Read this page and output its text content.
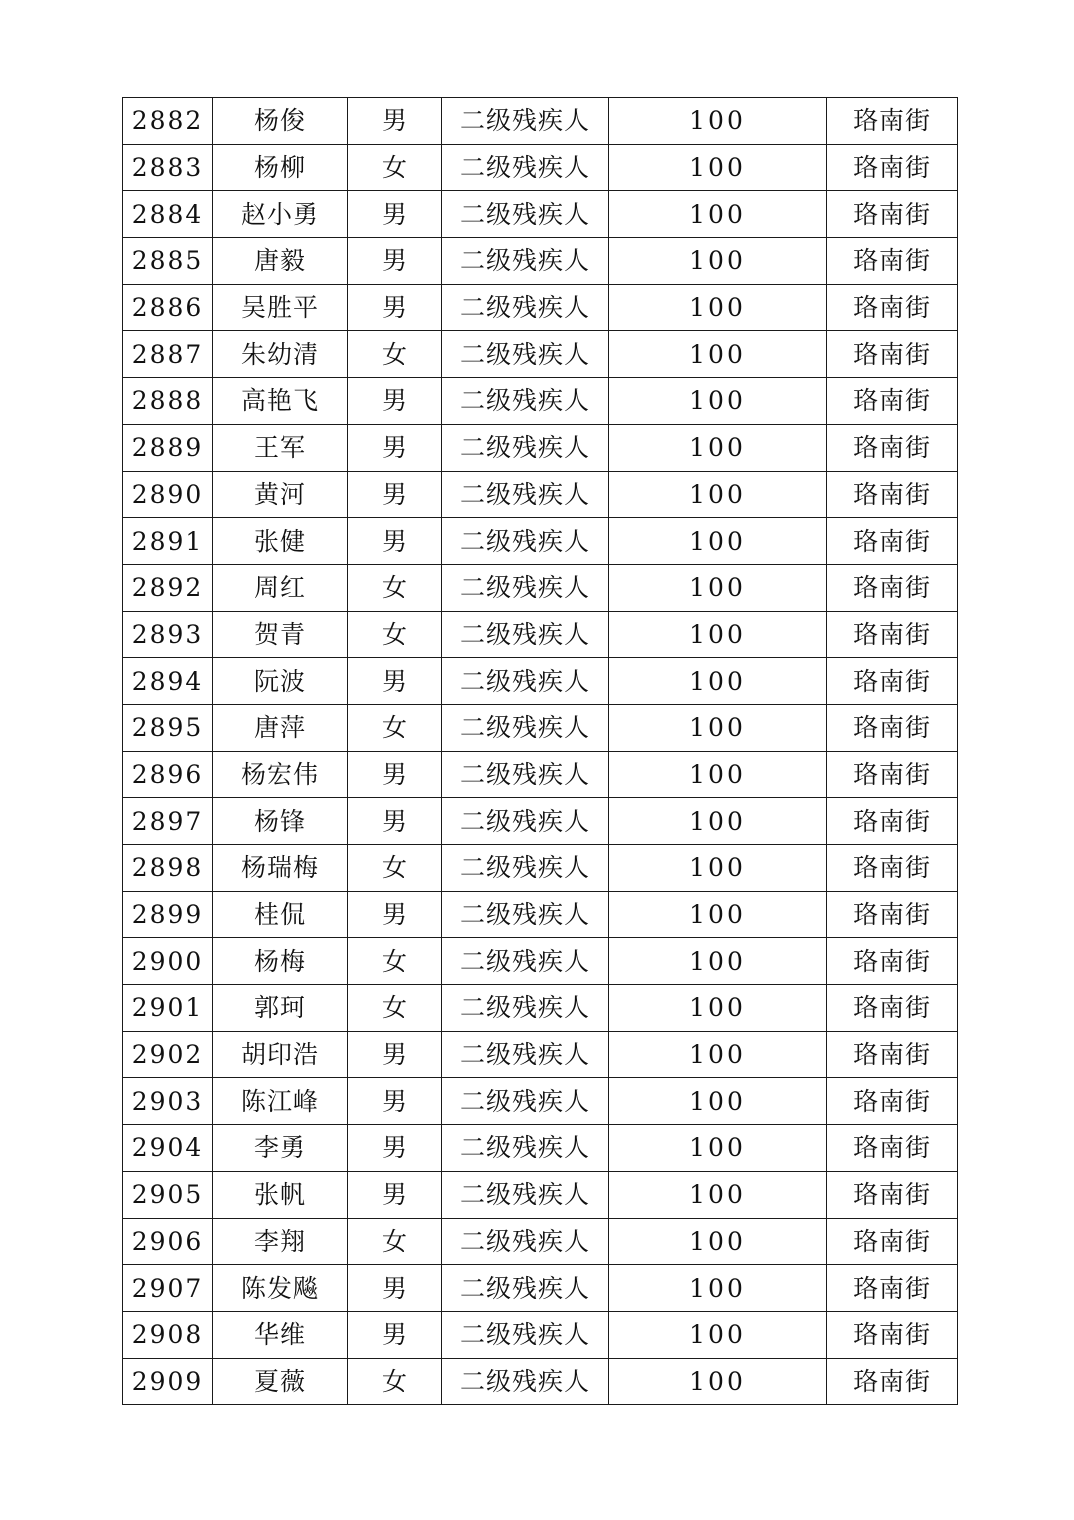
2882	杨俊	男	二级残疾人	100	珞南街
2883	杨柳	女	二级残疾人	100	珞南街
2884	赵小勇	男	二级残疾人	100	珞南街
2885	唐毅	男	二级残疾人	100	珞南街
2886	吴胜平	男	二级残疾人	100	珞南街
2887	朱幼清	女	二级残疾人	100	珞南街
2888	高艳飞	男	二级残疾人	100	珞南街
2889	王军	男	二级残疾人	100	珞南街
2890	黄河	男	二级残疾人	100	珞南街
2891	张健	男	二级残疾人	100	珞南街
2892	周红	女	二级残疾人	100	珞南街
2893	贺青	女	二级残疾人	100	珞南街
2894	阮波	男	二级残疾人	100	珞南街
2895	唐萍	女	二级残疾人	100	珞南街
2896	杨宏伟	男	二级残疾人	100	珞南街
2897	杨锋	男	二级残疾人	100	珞南街
2898	杨瑞梅	女	二级残疾人	100	珞南街
2899	桂侃	男	二级残疾人	100	珞南街
2900	杨梅	女	二级残疾人	100	珞南街
2901	郭珂	女	二级残疾人	100	珞南街
2902	胡印浩	男	二级残疾人	100	珞南街
2903	陈江峰	男	二级残疾人	100	珞南街
2904	李勇	男	二级残疾人	100	珞南街
2905	张帆	男	二级残疾人	100	珞南街
2906	李翔	女	二级残疾人	100	珞南街
2907	陈发飚	男	二级残疾人	100	珞南街
2908	华维	男	二级残疾人	100	珞南街
2909	夏薇	女	二级残疾人	100	珞南街
